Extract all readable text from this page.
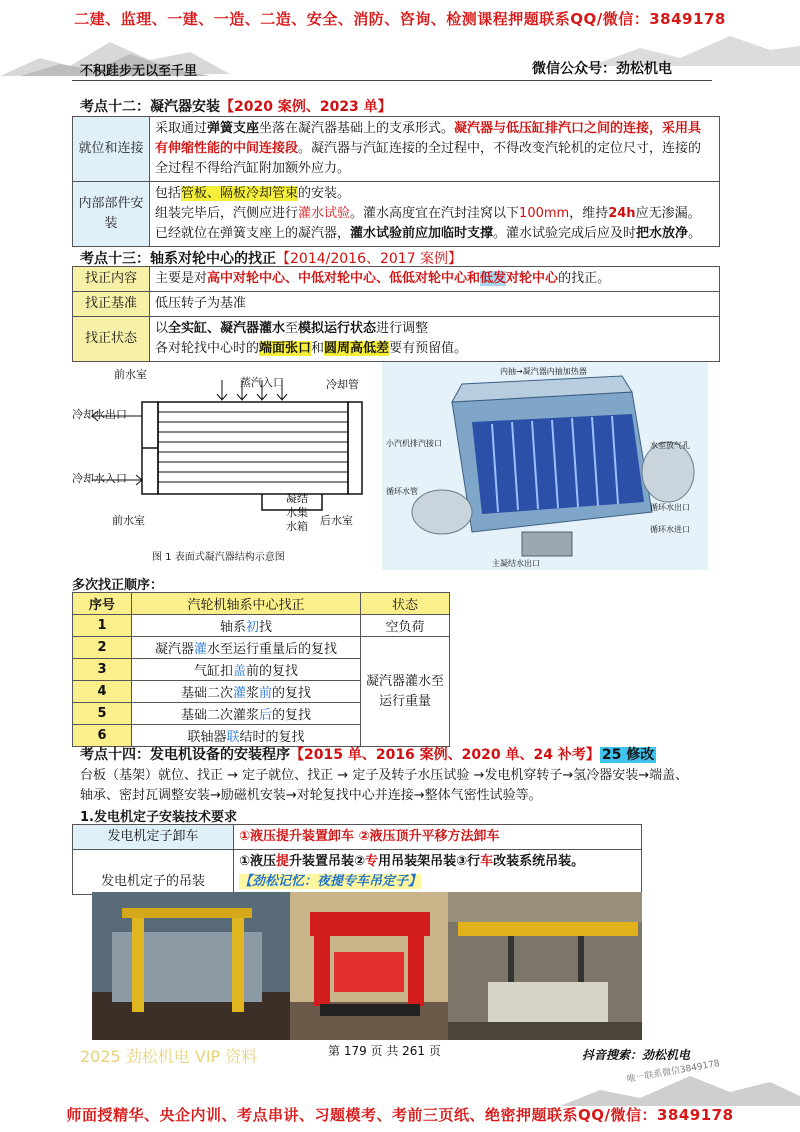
二建、监理、一建、一造、二造、安全、消防、咨询、检测课程押题联系QQ/微信：3849178
不积跬步无以至千里	微信公众号：劲松机电
考点十二：凝汽器安装【2020 案例、2023 单】
就位和连接	采取通过弹簧支座坐落在凝汽器基础上的支承形式。凝汽器与低压缸排汽口之间的连接，采用具有伸缩性能的中间连接段。凝汽器与汽缸连接的全过程中，不得改变汽轮机的定位尺寸，连接的全过程不得给汽缸附加额外应力。
内部部件安装	包括管板、隔板冷却管束的安装。
组装完毕后，汽侧应进行灌水试验。灌水高度宜在汽封洼窝以下100mm，维持24h应无渗漏。
已经就位在弹簧支座上的凝汽器，灌水试验前应加临时支撑。灌水试验完成后应及时把水放净。
考点十三：轴系对轮中心的找正【2014/2016、2017 案例】
找正内容	主要是对高中对轮中心、中低对轮中心、低低对轮中心和低发对轮中心的找正。
找正基准	低压转子为基准
找正状态	以全实缸、凝汽器灌水至模拟运行状态进行调整
各对轮找中心时的端面张口和圆周高低差要有预留值。
前水室
蒸汽入口	冷却管
冷却水出口
冷却水入口
前水室
凝结水集水箱	后水室
图 1 表面式凝汽器结构示意图
内抽→凝汽器内抽加热器
小汽机排汽接口
循环水管
水室放气孔
循环水出口
循环水进口
主凝结水出口
多次找正顺序：
序号	汽轮机轴系中心找正	状态
1	轴系初找	空负荷
2	凝汽器灌水至运行重量后的复找	凝汽器灌水至运行重量
3	气缸扣盖前的复找	
4	基础二次灌浆前的复找	
5	基础二次灌浆后的复找	
6	联轴器联结时的复找	
考点十四：发电机设备的安装程序【2015 单、2016 案例、2020 单、24 补考】 25 修改
台板（基架）就位、找正 → 定子就位、找正 → 定子及转子水压试验 →发电机穿转子→氢冷器安装→端盖、
轴承、密封瓦调整安装→励磁机安装→对轮复找中心并连接→整体气密性试验等。
1.发电机定子安装技术要求
发电机定子卸车	①液压提升装置卸车 ②液压顶升平移方法卸车
发电机定子的吊装	①液压提升装置吊装②专用吊装架吊装③行车改装系统吊装。
【劲松记忆：夜提专车吊定子】
2025 劲松机电 VIP 资料	第 179 页 共 261 页	抖音搜索：劲松机电
唯一联系微信3849178
师面授精华、央企内训、考点串讲、习题模考、考前三页纸、绝密押题联系QQ/微信：3849178
